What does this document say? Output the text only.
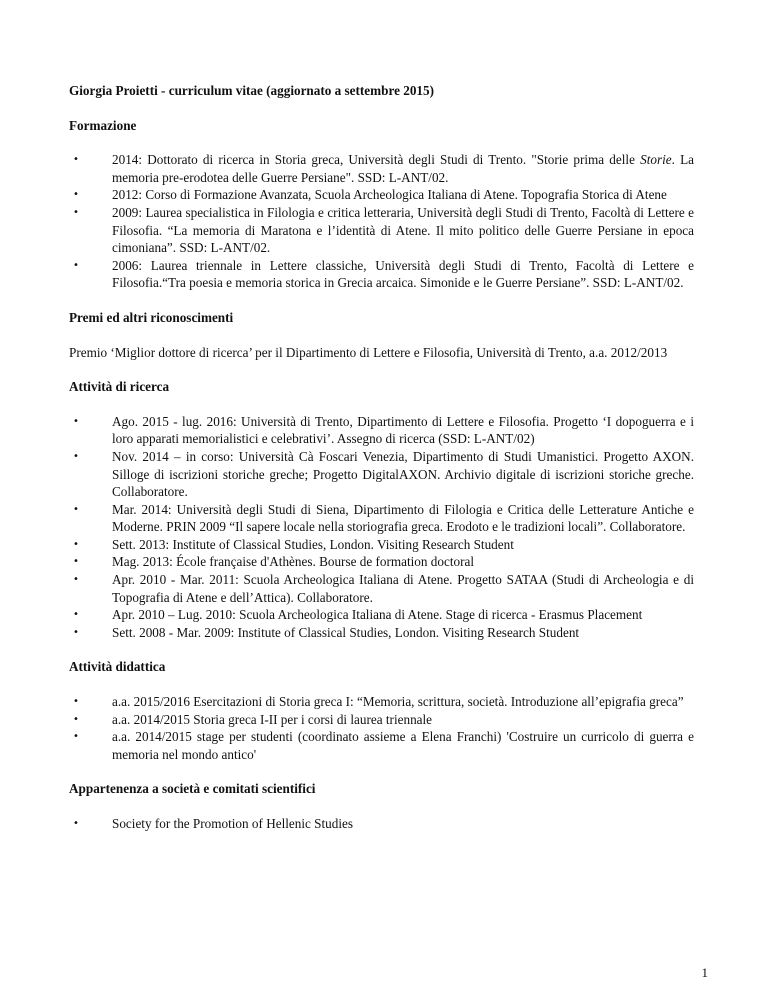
Giorgia Proietti - curriculum vitae (aggiornato a settembre 2015)

Formazione

•	2014: Dottorato di ricerca in Storia greca, Università degli Studi di Trento. "Storie prima delle Storie. La memoria pre-erodotea delle Guerre Persiane". SSD: L-ANT/02.
•	2012: Corso di Formazione Avanzata, Scuola Archeologica Italiana di Atene. Topografia Storica di Atene
•	2009: Laurea specialistica in Filologia e critica letteraria, Università degli Studi di Trento, Facoltà di Lettere e Filosofia. “La memoria di Maratona e l’identità di Atene. Il mito politico delle Guerre Persiane in epoca cimoniana”. SSD: L-ANT/02.
•	2006: Laurea triennale in Lettere classiche, Università degli Studi di Trento, Facoltà di Lettere e Filosofia.“Tra poesia e memoria storica in Grecia arcaica. Simonide e le Guerre Persiane”. SSD: L-ANT/02.

Premi ed altri riconoscimenti

Premio ‘Miglior dottore di ricerca’ per il Dipartimento di Lettere e Filosofia, Università di Trento, a.a. 2012/2013

Attività di ricerca

•	Ago. 2015 - lug. 2016: Università di Trento, Dipartimento di Lettere e Filosofia. Progetto ‘I dopoguerra e i loro apparati memorialistici e celebrativi’. Assegno di ricerca (SSD: L-ANT/02)
•	Nov. 2014 – in corso: Università Cà Foscari Venezia, Dipartimento di Studi Umanistici. Progetto AXON. Silloge di iscrizioni storiche greche; Progetto DigitalAXON. Archivio digitale di iscrizioni storiche greche. Collaboratore.
•	Mar. 2014: Università degli Studi di Siena, Dipartimento di Filologia e Critica delle Letterature Antiche e Moderne. PRIN 2009 “Il sapere locale nella storiografia greca. Erodoto e le tradizioni locali”. Collaboratore.
•	Sett. 2013: Institute of Classical Studies, London. Visiting Research Student
•	Mag. 2013: École française d'Athènes. Bourse de formation doctoral
•	Apr. 2010 - Mar. 2011: Scuola Archeologica Italiana di Atene. Progetto SATAA (Studi di Archeologia e di Topografia di Atene e dell’Attica). Collaboratore.
•	Apr. 2010 – Lug. 2010: Scuola Archeologica Italiana di Atene. Stage di ricerca - Erasmus Placement
•	Sett. 2008 - Mar. 2009: Institute of Classical Studies, London. Visiting Research Student

Attività didattica

•	a.a. 2015/2016 Esercitazioni di Storia greca I: “Memoria, scrittura, società. Introduzione all’epigrafia greca”
•	a.a. 2014/2015 Storia greca I-II per i corsi di laurea triennale
•	a.a. 2014/2015 stage per studenti (coordinato assieme a Elena Franchi) 'Costruire un curricolo di guerra e memoria nel mondo antico'

Appartenenza a società e comitati scientifici

•	Society for the Promotion of Hellenic Studies
1
